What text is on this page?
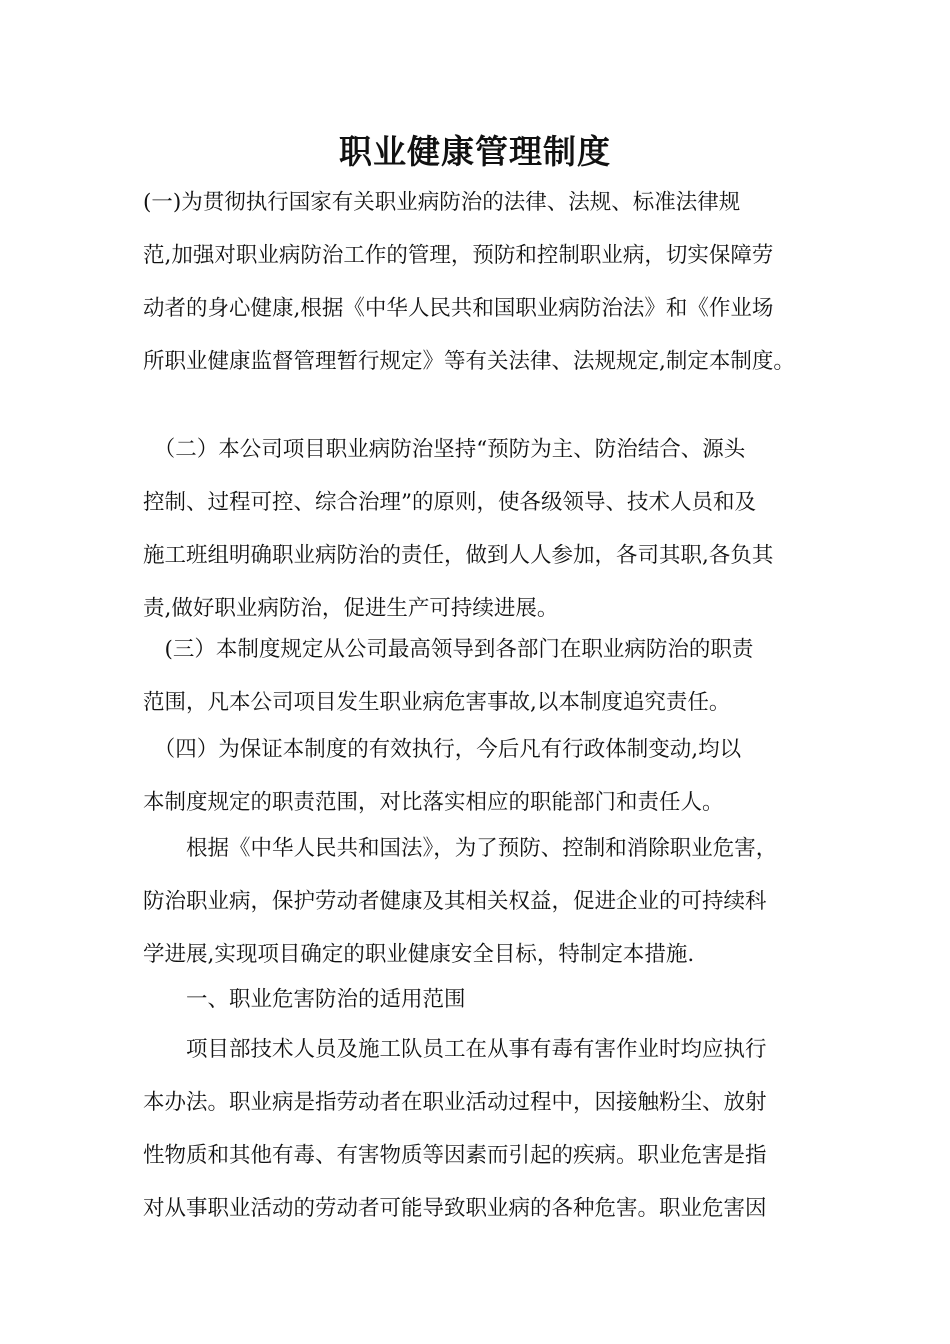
职业健康管理制度
(一)为贯彻执行国家有关职业病防治的法律、法规、标准法律规
范,加强对职业病防治工作的管理，预防和控制职业病，切实保障劳
动者的身心健康,根据《中华人民共和国职业病防治法》和《作业场
所职业健康监督管理暂行规定》等有关法律、法规规定,制定本制度。
　（二）本公司项目职业病防治坚持“预防为主、防治结合、源头
控制、过程可控、综合治理”的原则，使各级领导、技术人员和及
施工班组明确职业病防治的责任，做到人人参加，各司其职,各负其
责,做好职业病防治，促进生产可持续进展。
　(三）本制度规定从公司最高领导到各部门在职业病防治的职责
范围，凡本公司项目发生职业病危害事故,以本制度追究责任。
　（四）为保证本制度的有效执行，今后凡有行政体制变动,均以
本制度规定的职责范围，对比落实相应的职能部门和责任人。
　　根据《中华人民共和国法》，为了预防、控制和消除职业危害，
防治职业病，保护劳动者健康及其相关权益，促进企业的可持续科
学进展,实现项目确定的职业健康安全目标，特制定本措施.
　　一、职业危害防治的适用范围
　　项目部技术人员及施工队员工在从事有毒有害作业时均应执行
本办法。职业病是指劳动者在职业活动过程中，因接触粉尘、放射
性物质和其他有毒、有害物质等因素而引起的疾病。职业危害是指
对从事职业活动的劳动者可能导致职业病的各种危害。职业危害因
